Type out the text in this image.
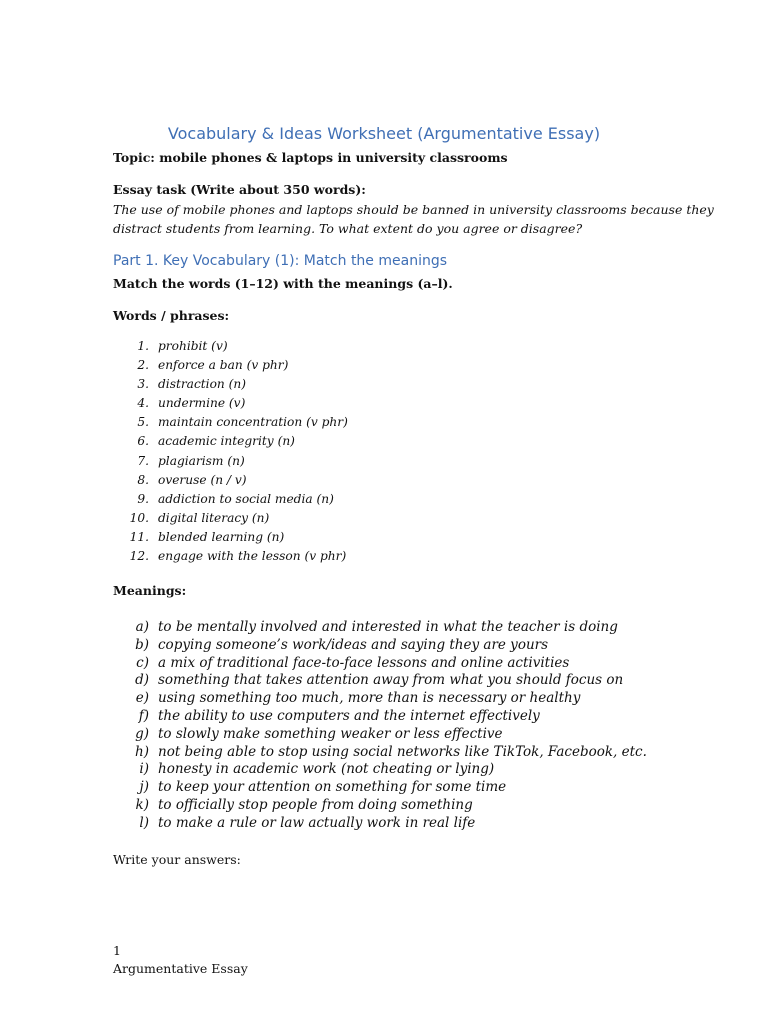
Vocabulary & Ideas Worksheet (Argumentative Essay)
Topic: mobile phones & laptops in university classrooms
Essay task (Write about 350 words):
The use of mobile phones and laptops should be banned in university classrooms because they
distract students from learning. To what extent do you agree or disagree?
Part 1. Key Vocabulary (1): Match the meanings
Match the words (1–12) with the meanings (a–l).
Words / phrases:
1. prohibit (v)
2. enforce a ban (v phr)
3. distraction (n)
4. undermine (v)
5. maintain concentration (v phr)
6. academic integrity (n)
7. plagiarism (n)
8. overuse (n / v)
9. addiction to social media (n)
10. digital literacy (n)
11. blended learning (n)
12. engage with the lesson (v phr)
Meanings:
a) to be mentally involved and interested in what the teacher is doing
b) copying someone’s work/ideas and saying they are yours
c) a mix of traditional face-to-face lessons and online activities
d) something that takes attention away from what you should focus on
e) using something too much, more than is necessary or healthy
f) the ability to use computers and the internet effectively
g) to slowly make something weaker or less effective
h) not being able to stop using social networks like TikTok, Facebook, etc.
i) honesty in academic work (not cheating or lying)
j) to keep your attention on something for some time
k) to officially stop people from doing something
l) to make a rule or law actually work in real life
Write your answers:
1
Argumentative Essay
